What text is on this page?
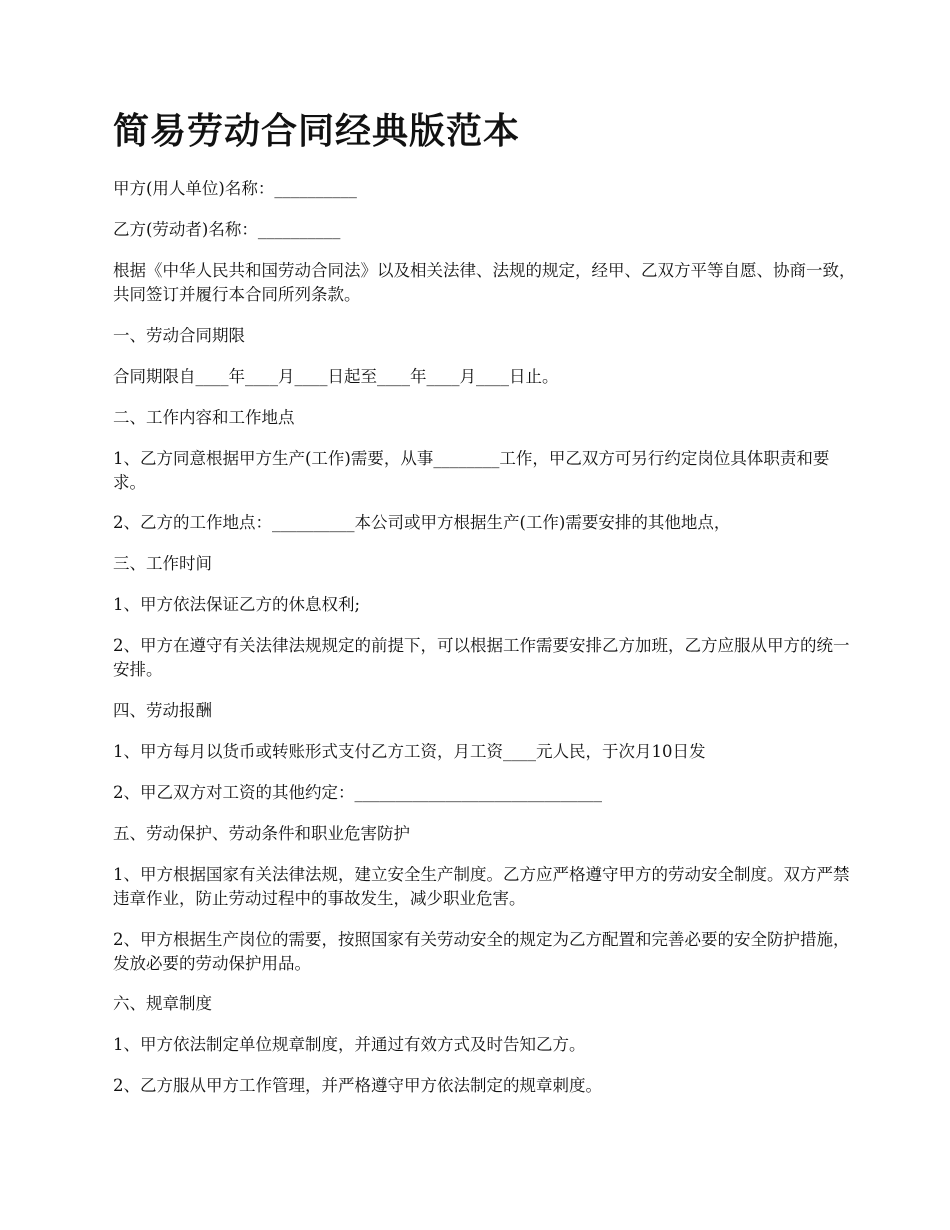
简易劳动合同经典版范本

甲方(用人单位)名称：__________

乙方(劳动者)名称：__________

根据《中华人民共和国劳动合同法》以及相关法律、法规的规定，经甲、乙双方平等自愿、协商一致，共同签订并履行本合同所列条款。

一、劳动合同期限

合同期限自____年____月____日起至____年____月____日止。

二、工作内容和工作地点

1、乙方同意根据甲方生产(工作)需要，从事________工作，甲乙双方可另行约定岗位具体职责和要求。

2、乙方的工作地点：__________本公司或甲方根据生产(工作)需要安排的其他地点，

三、工作时间

1、甲方依法保证乙方的休息权利;

2、甲方在遵守有关法律法规规定的前提下，可以根据工作需要安排乙方加班，乙方应服从甲方的统一安排。

四、劳动报酬

1、甲方每月以货币或转账形式支付乙方工资，月工资____元人民，于次月10日发

2、甲乙双方对工资的其他约定：______________________________

五、劳动保护、劳动条件和职业危害防护

1、甲方根据国家有关法律法规，建立安全生产制度。乙方应严格遵守甲方的劳动安全制度。双方严禁违章作业，防止劳动过程中的事故发生，减少职业危害。

2、甲方根据生产岗位的需要，按照国家有关劳动安全的规定为乙方配置和完善必要的安全防护措施，发放必要的劳动保护用品。

六、规章制度

1、甲方依法制定单位规章制度，并通过有效方式及时告知乙方。

2、乙方服从甲方工作管理，并严格遵守甲方依法制定的规章刺度。
